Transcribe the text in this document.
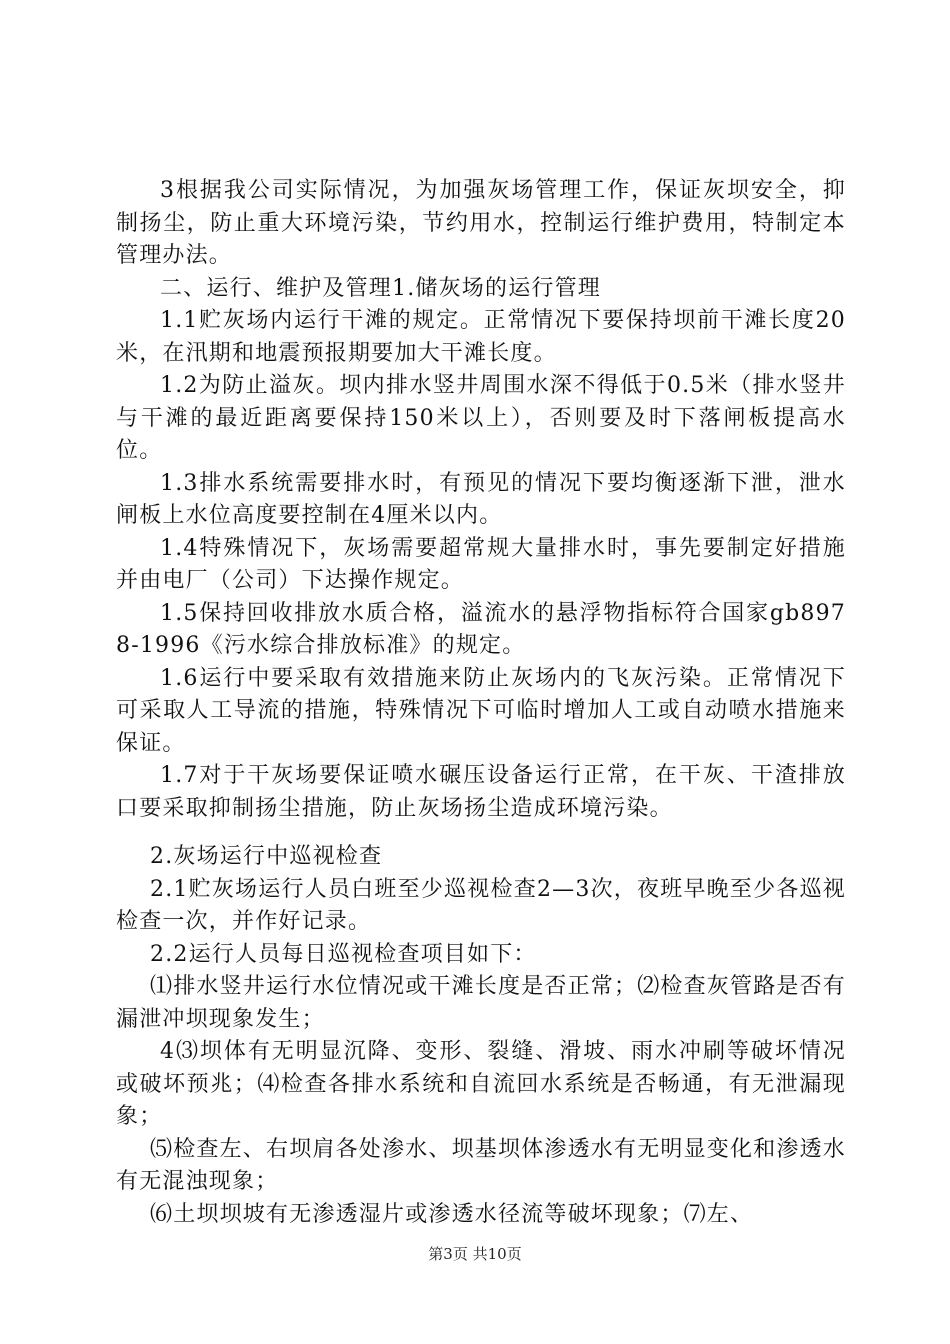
3根据我公司实际情况，为加强灰场管理工作，保证灰坝安全，抑制扬尘，防止重大环境污染，节约用水，控制运行维护费用，特制定本管理办法。

二、运行、维护及管理1.储灰场的运行管理

1.1贮灰场内运行干滩的规定。正常情况下要保持坝前干滩长度20米，在汛期和地震预报期要加大干滩长度。

1.2为防止溢灰。坝内排水竖井周围水深不得低于0.5米（排水竖井与干滩的最近距离要保持150米以上），否则要及时下落闸板提高水位。

1.3排水系统需要排水时，有预见的情况下要均衡逐渐下泄，泄水闸板上水位高度要控制在4厘米以内。

1.4特殊情况下，灰场需要超常规大量排水时，事先要制定好措施并由电厂（公司）下达操作规定。

1.5保持回收排放水质合格，溢流水的悬浮物指标符合国家gb8978-1996《污水综合排放标准》的规定。

1.6运行中要采取有效措施来防止灰场内的飞灰污染。正常情况下可采取人工导流的措施，特殊情况下可临时增加人工或自动喷水措施来保证。

1.7对于干灰场要保证喷水碾压设备运行正常，在干灰、干渣排放口要采取抑制扬尘措施，防止灰场扬尘造成环境污染。

2.灰场运行中巡视检查

2.1贮灰场运行人员白班至少巡视检查2—3次，夜班早晚至少各巡视检查一次，并作好记录。

2.2运行人员每日巡视检查项目如下：

⑴排水竖井运行水位情况或干滩长度是否正常；⑵检查灰管路是否有漏泄冲坝现象发生；

4⑶坝体有无明显沉降、变形、裂缝、滑坡、雨水冲刷等破坏情况或破坏预兆；⑷检查各排水系统和自流回水系统是否畅通，有无泄漏现象；

⑸检查左、右坝肩各处渗水、坝基坝体渗透水有无明显变化和渗透水有无混浊现象；

⑹土坝坝坡有无渗透湿片或渗透水径流等破坏现象；⑺左、

第3页 共10页
